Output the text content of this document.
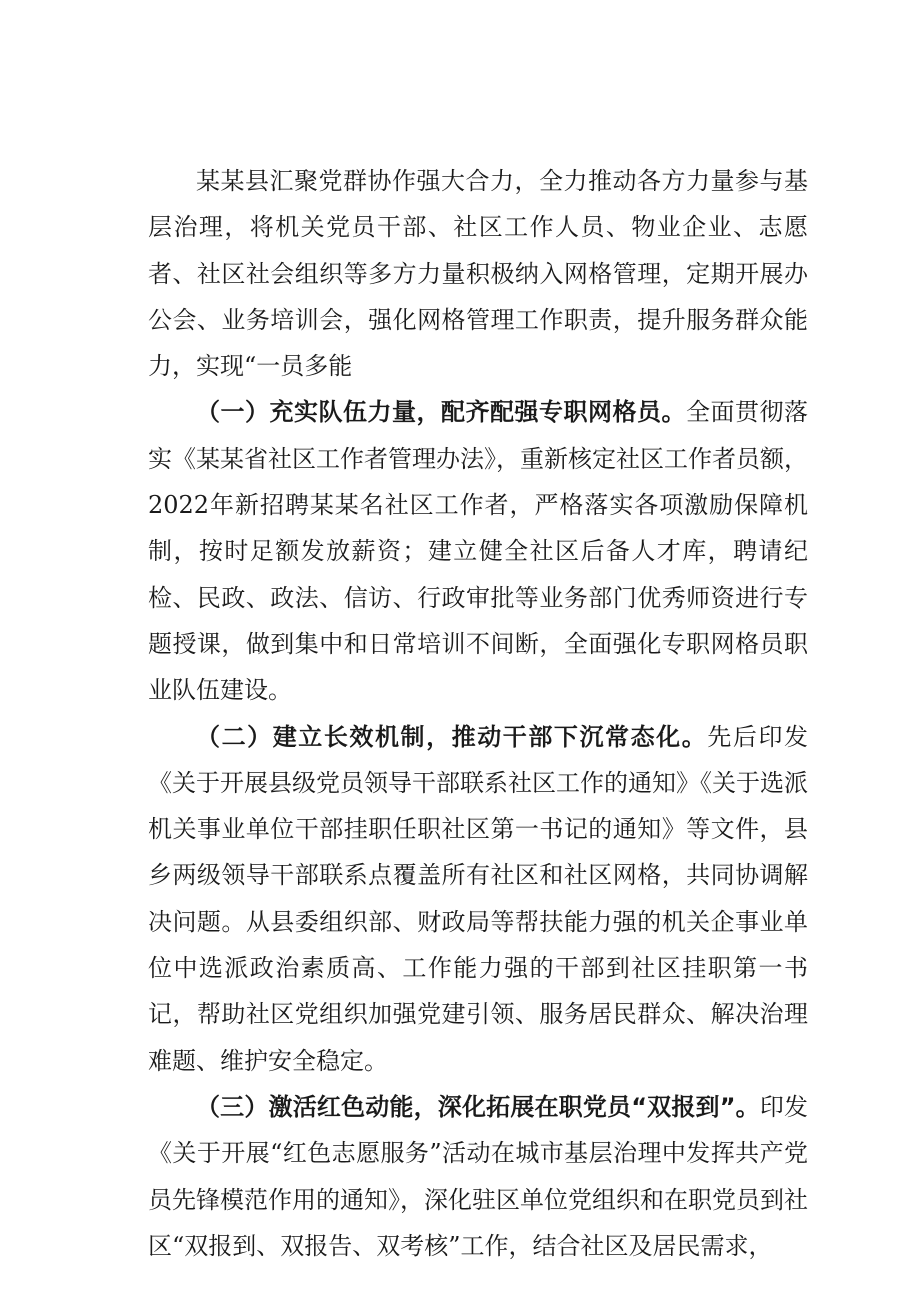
某某县汇聚党群协作强大合力，全力推动各方力量参与基层治理，将机关党员干部、社区工作人员、物业企业、志愿者、社区社会组织等多方力量积极纳入网格管理，定期开展办公会、业务培训会，强化网格管理工作职责，提升服务群众能力，实现“一员多能

（一）充实队伍力量，配齐配强专职网格员。全面贯彻落实《某某省社区工作者管理办法》，重新核定社区工作者员额，2022年新招聘某某名社区工作者，严格落实各项激励保障机制，按时足额发放薪资；建立健全社区后备人才库，聘请纪检、民政、政法、信访、行政审批等业务部门优秀师资进行专题授课，做到集中和日常培训不间断，全面强化专职网格员职业队伍建设。

（二）建立长效机制，推动干部下沉常态化。先后印发《关于开展县级党员领导干部联系社区工作的通知》《关于选派机关事业单位干部挂职任职社区第一书记的通知》等文件，县乡两级领导干部联系点覆盖所有社区和社区网格，共同协调解决问题。从县委组织部、财政局等帮扶能力强的机关企事业单位中选派政治素质高、工作能力强的干部到社区挂职第一书记，帮助社区党组织加强党建引领、服务居民群众、解决治理难题、维护安全稳定。

（三）激活红色动能，深化拓展在职党员“双报到”。印发《关于开展“红色志愿服务”活动在城市基层治理中发挥共产党员先锋模范作用的通知》，深化驻区单位党组织和在职党员到社区“双报到、双报告、双考核”工作，结合社区及居民需求，
